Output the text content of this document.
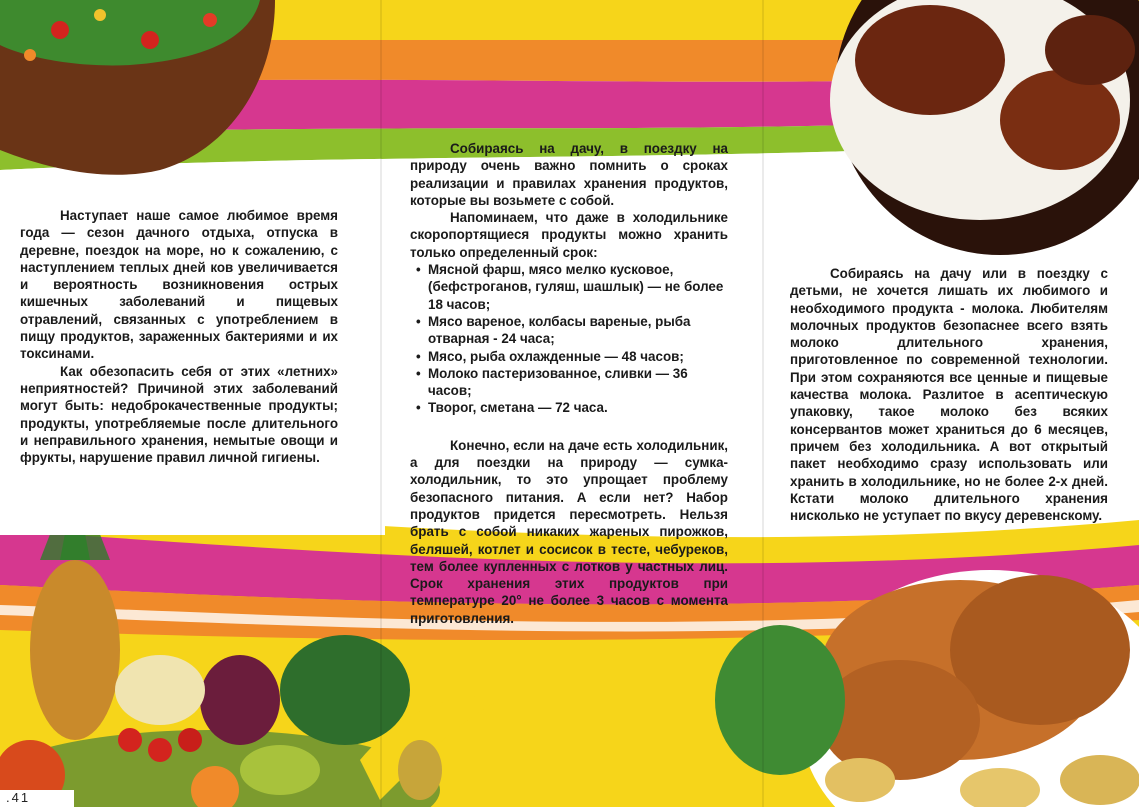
Наступает наше самое любимое время года — сезон дачного отдыха, отпуска в деревне, поездок на море, но к сожалению, с наступлением теплых дней ков увеличивается и вероятность возникновения острых кишечных заболеваний и пищевых отравлений, связанных с употреблением в пищу продуктов, зараженных бактериями и их токсинами.

Как обезопасить себя от этих «летних» неприятностей? Причиной этих заболеваний могут быть: недоброкачественные продукты; продукты, употребляемые после длительного и неправильного хранения, немытые овощи и фрукты, нарушение правил личной гигиены.

Собираясь на дачу, в поездку на природу очень важно помнить о сроках реализации и правилах хранения продуктов, которые вы возьмете с собой.

Напоминаем, что даже в холодильнике скоропортящиеся продукты можно хранить только определенный срок:

• Мясной фарш, мясо мелко кусковое, (бефстроганов, гуляш, шашлык) — не более 18 часов;
• Мясо вареное, колбасы вареные, рыба отварная - 24 часа;
• Мясо, рыба охлажденные — 48 часов;
• Молоко пастеризованное, сливки — 36 часов;
• Творог, сметана — 72 часа.

Конечно, если на даче есть холодильник, а для поездки на природу — сумка-холодильник, то это упрощает проблему безопасного питания. А если нет? Набор продуктов придется пересмотреть. Нельзя брать с собой никаких жареных пирожков, беляшей, котлет и сосисок в тесте, чебуреков, тем более купленных с лотков у частных лиц. Срок хранения этих продуктов при температуре 20° не более 3 часов с момента приготовления.

Собираясь на дачу или в поездку с детьми, не хочется лишать их любимого и необходимого продукта - молока. Любителям молочных продуктов безопаснее всего взять молоко длительного хранения, приготовленное по современной технологии. При этом сохраняются все ценные и пищевые качества молока. Разлитое в асептическую упаковку, такое молоко без всяких консервантов может храниться до 6 месяцев, причем без холодильника. А вот открытый пакет необходимо сразу использовать или хранить в холодильнике, но не более 2-х дней. Кстати молоко длительного хранения нисколько не уступает по вкусу деревенскому.

.41
